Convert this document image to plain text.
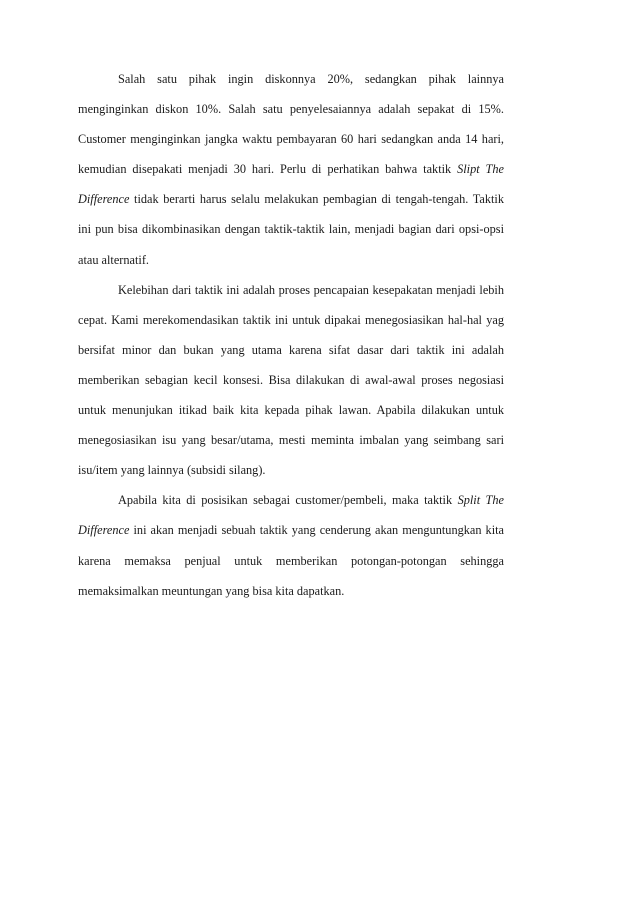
Salah satu pihak ingin diskonnya 20%, sedangkan pihak lainnya menginginkan diskon 10%. Salah satu penyelesaiannya adalah sepakat di 15%. Customer menginginkan jangka waktu pembayaran 60 hari sedangkan anda 14 hari, kemudian disepakati menjadi 30 hari. Perlu di perhatikan bahwa taktik Slipt The Difference tidak berarti harus selalu melakukan pembagian di tengah-tengah. Taktik ini pun bisa dikombinasikan dengan taktik-taktik lain, menjadi bagian dari opsi-opsi atau alternatif.

Kelebihan dari taktik ini adalah proses pencapaian kesepakatan menjadi lebih cepat. Kami merekomendasikan taktik ini untuk dipakai menegosiasikan hal-hal yag bersifat minor dan bukan yang utama karena sifat dasar dari taktik ini adalah memberikan sebagian kecil konsesi. Bisa dilakukan di awal-awal proses negosiasi untuk menunjukan itikad baik kita kepada pihak lawan. Apabila dilakukan untuk menegosiasikan isu yang besar/utama, mesti meminta imbalan yang seimbang sari isu/item yang lainnya (subsidi silang).

Apabila kita di posisikan sebagai customer/pembeli, maka taktik Split The Difference ini akan menjadi sebuah taktik yang cenderung akan menguntungkan kita karena memaksa penjual untuk memberikan potongan-potongan sehingga memaksimalkan meuntungan yang bisa kita dapatkan.
